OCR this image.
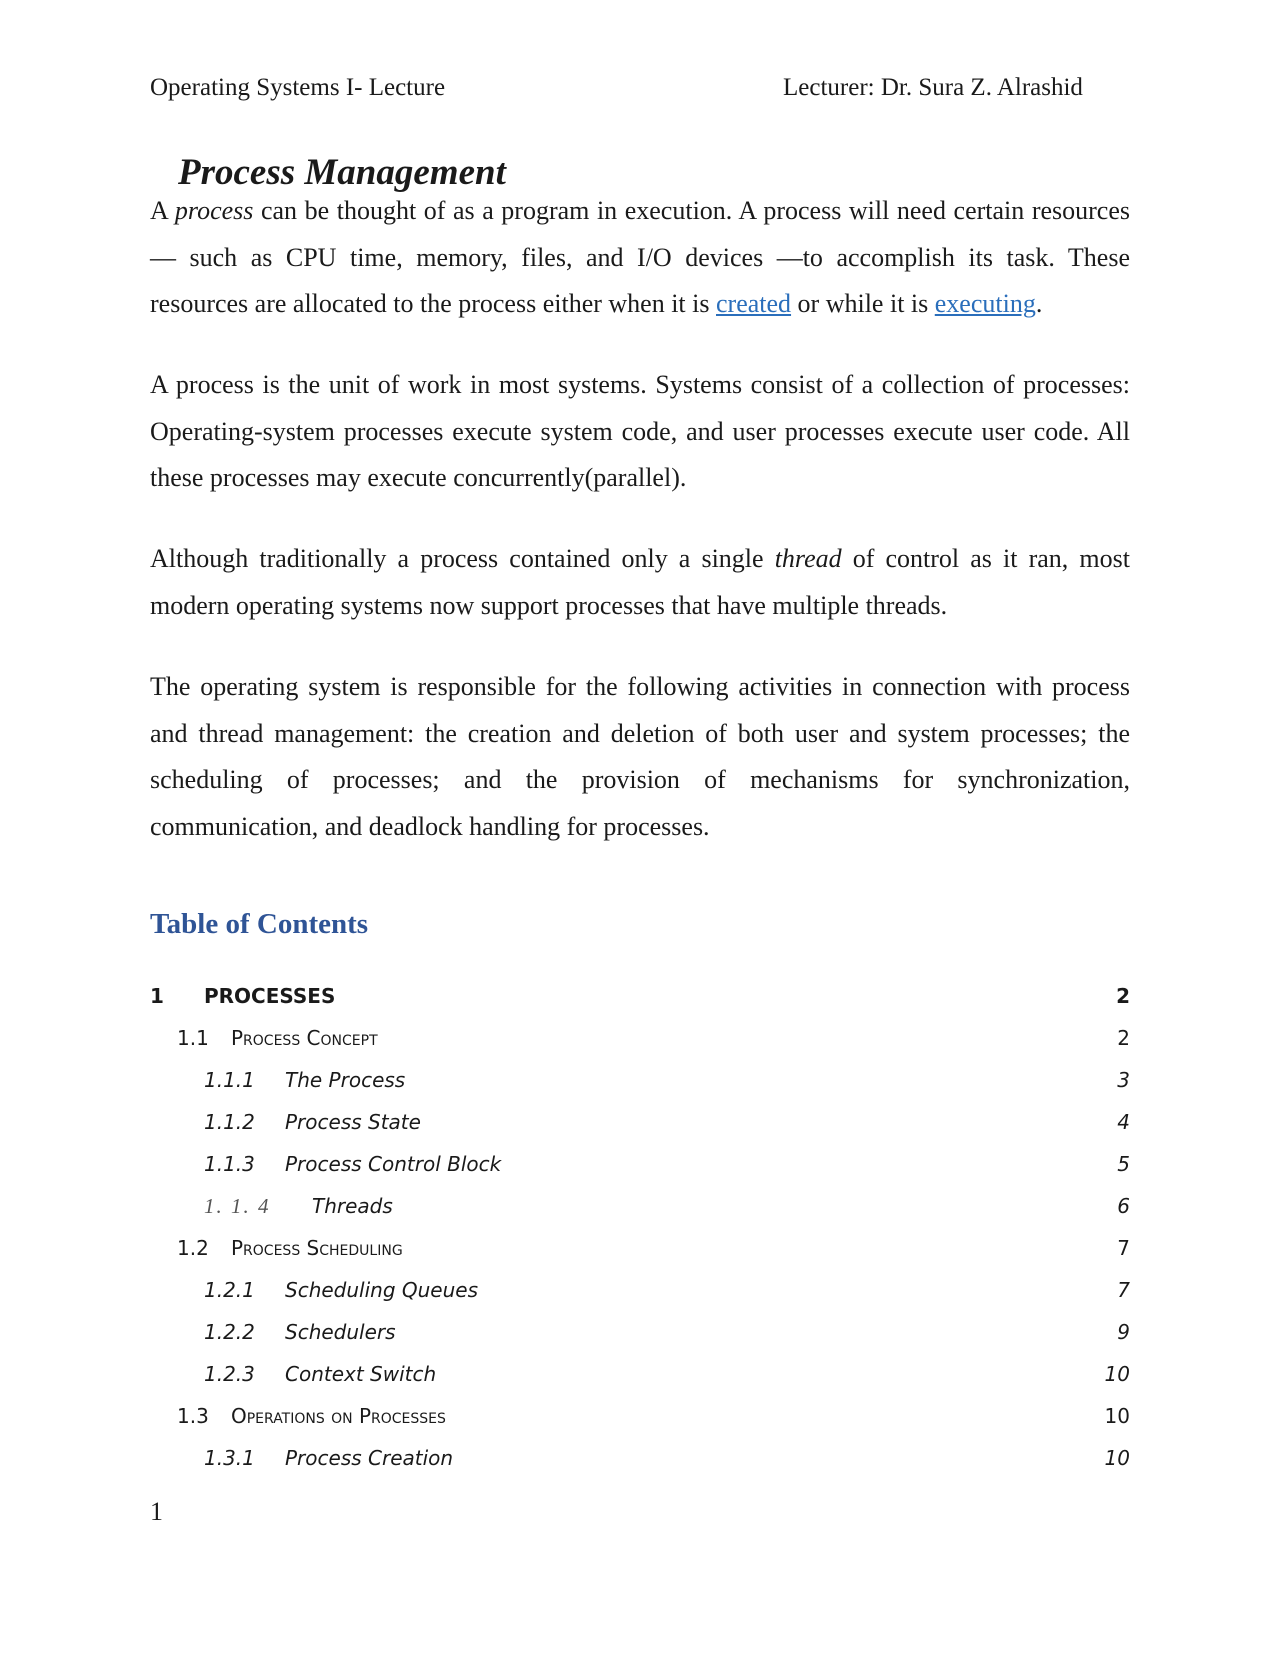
Operating Systems I- Lecture	Lecturer: Dr. Sura Z. Alrashid
Process Management

A process can be thought of as a program in execution. A process will need certain resources — such as CPU time, memory, files, and I/O devices —to accomplish its task. These resources are allocated to the process either when it is created or while it is executing.

A process is the unit of work in most systems. Systems consist of a collection of processes: Operating-system processes execute system code, and user processes execute user code. All these processes may execute concurrently(parallel).

Although traditionally a process contained only a single thread of control as it ran, most modern operating systems now support processes that have multiple threads.

The operating system is responsible for the following activities in connection with process and thread management: the creation and deletion of both user and system processes; the scheduling of processes; and the provision of mechanisms for synchronization, communication, and deadlock handling for processes.

Table of Contents
1 PROCESSES	2
1.1 Process Concept	2
1.1.1 The Process	3
1.1.2 Process State	4
1.1.3 Process Control Block	5
1. 1. 4 Threads	6
1.2 Process Scheduling	7
1.2.1 Scheduling Queues	7
1.2.2 Schedulers	9
1.2.3 Context Switch	10
1.3 Operations on Processes	10
1.3.1 Process Creation	10
1
